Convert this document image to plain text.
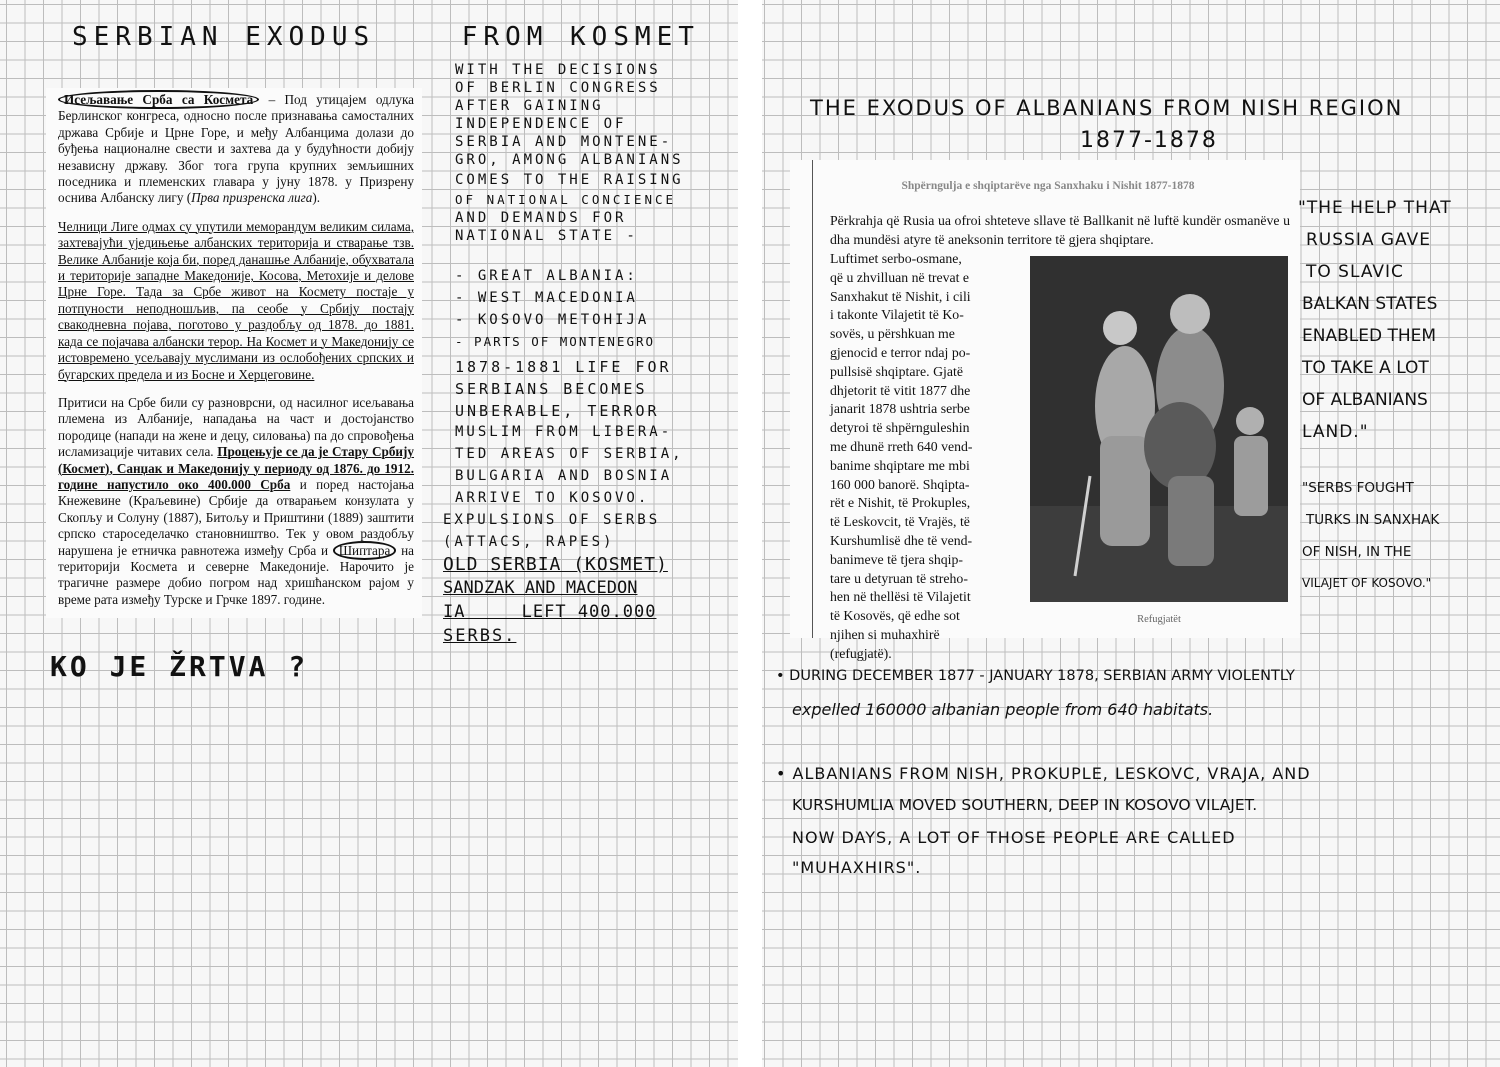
SERBIAN EXODUS    FROM KOSMET

Исељавање Срба са Космета – Под утицајем одлука Берлинског конгреса, односно после признавања самосталних држава Србије и Црне Горе, и међу Албанцима долази до буђења националне свести и захтева да у будућности добију независну државу. Због тога група крупних земљишних поседника и племенских главара у јуну 1878. у Призрену оснива Албанску лигу (Прва призренска лига).

Челници Лиге одмах су упутили меморандум великим силама, захтевајући уједињење албанских територија и стварање тзв. Велике Албаније која би, поред данашње Албаније, обухватала и територије западне Македоније, Косова, Метохије и делове Црне Горе. Тада за Србе живот на Космету постаје у потпуности неподношљив, па сеобе у Србију постају свакодневна појава, поготово у раздобљу од 1878. до 1881. када се појачава албански терор. На Космет и у Македонију се истовремено усељавају муслимани из ослобођених српских и бугарских предела и из Босне и Херцеговине.

Притиси на Србе били су разноврсни, од насилног исељавања племена из Албаније, нападања на част и достојанство породице (напади на жене и децу, силовања) па до спровођења исламизације читавих села. Процењује се да је Стару Србију (Космет), Санџак и Македонију у периоду од 1876. до 1912. године напустило око 400.000 Срба и поред настојања Кнежевине (Краљевине) Србије да отварањем конзулата у Скопљу и Солуну (1887), Битољу и Приштини (1889) заштити српско староседелачко становништво. Тек у овом раздобљу нарушена је етничка равнотежа између Срба и Шиптара на територији Космета и северне Македоније. Нарочито је трагичне размере добио погром над хришћанском рајом у време рата између Турске и Грчке 1897. године.

WITH THE DECISIONS
OF BERLIN CONGRESS
AFTER GAINING
INDEPENDENCE OF
SERBIA AND MONTENE-
GRO, AMONG ALBANIANS
COMES TO THE RAISING
OF NATIONAL CONCIENCE
AND DEMANDS FOR
NATIONAL STATE -
- GREAT ALBANIA:
- WEST MACEDONIA
- KOSOVO METOHIJA
- PARTS OF MONTENEGRO
1878-1881 LIFE FOR
SERBIANS BECOMES
UNBERABLE, TERROR
MUSLIM FROM LIBERA-
TED AREAS OF SERBIA,
BULGARIA AND BOSNIA
ARRIVE TO KOSOVO.
EXPULSIONS OF SERBS
(ATTACS, RAPES)
OLD SERBIA (KOSMET)
SANDZAK AND MACEDON
IA     LEFT 400.000
SERBS.
KO JE ŽRTVA ?
THE EXODUS OF ALBANIANS FROM NISH REGION
1877-1878
Shpërngulja e shqiptarëve nga Sanxhaku i Nishit 1877-1878
Përkrahja që Rusia ua ofroi shteteve sllave të Ballkanit në luftë kundër osmanëve u dha mundësi atyre të aneksonin territore të gjera shqiptare.
Luftimet serbo-osmane,
që u zhvilluan në trevat e
Sanxhakut të Nishit, i cili
i takonte Vilajetit të Ko-
sovës, u përshkuan me
gjenocid e terror ndaj po-
pullsisë shqiptare. Gjatë
dhjetorit të vitit 1877 dhe
janarit 1878 ushtria serbe
detyroi të shpërnguleshin
me dhunë rreth 640 vend-
banime shqiptare me mbi
160 000 banorë. Shqipta-
rët e Nishit, të Prokuples,
të Leskovcit, të Vrajës, të
Kurshumlisë dhe të vend-
banimeve të tjera shqip-
tare u detyruan të streho-
hen në thellësi të Vilajetit
të Kosovës, që edhe sot
njihen si muhaxhirë
(refugjatë).
Refugjatët
"THE HELP THAT
RUSSIA GAVE
TO SLAVIC
BALKAN STATES
ENABLED THEM
TO TAKE A LOT
OF ALBANIANS
LAND."
"SERBS FOUGHT
TURKS IN SANXHAK
OF NISH, IN THE
VILAJET OF KOSOVO."
• DURING DECEMBER 1877 - JANUARY 1878, SERBIAN ARMY VIOLENTLY
expelled 160000 albanian people from 640 habitats.
• ALBANIANS FROM NISH, PROKUPLE, LESKOVC, VRAJA, AND
KURSHUMLIA MOVED SOUTHERN, DEEP IN KOSOVO VILAJET.
NOW DAYS, A LOT OF THOSE PEOPLE ARE CALLED
"MUHAXHIRS".
